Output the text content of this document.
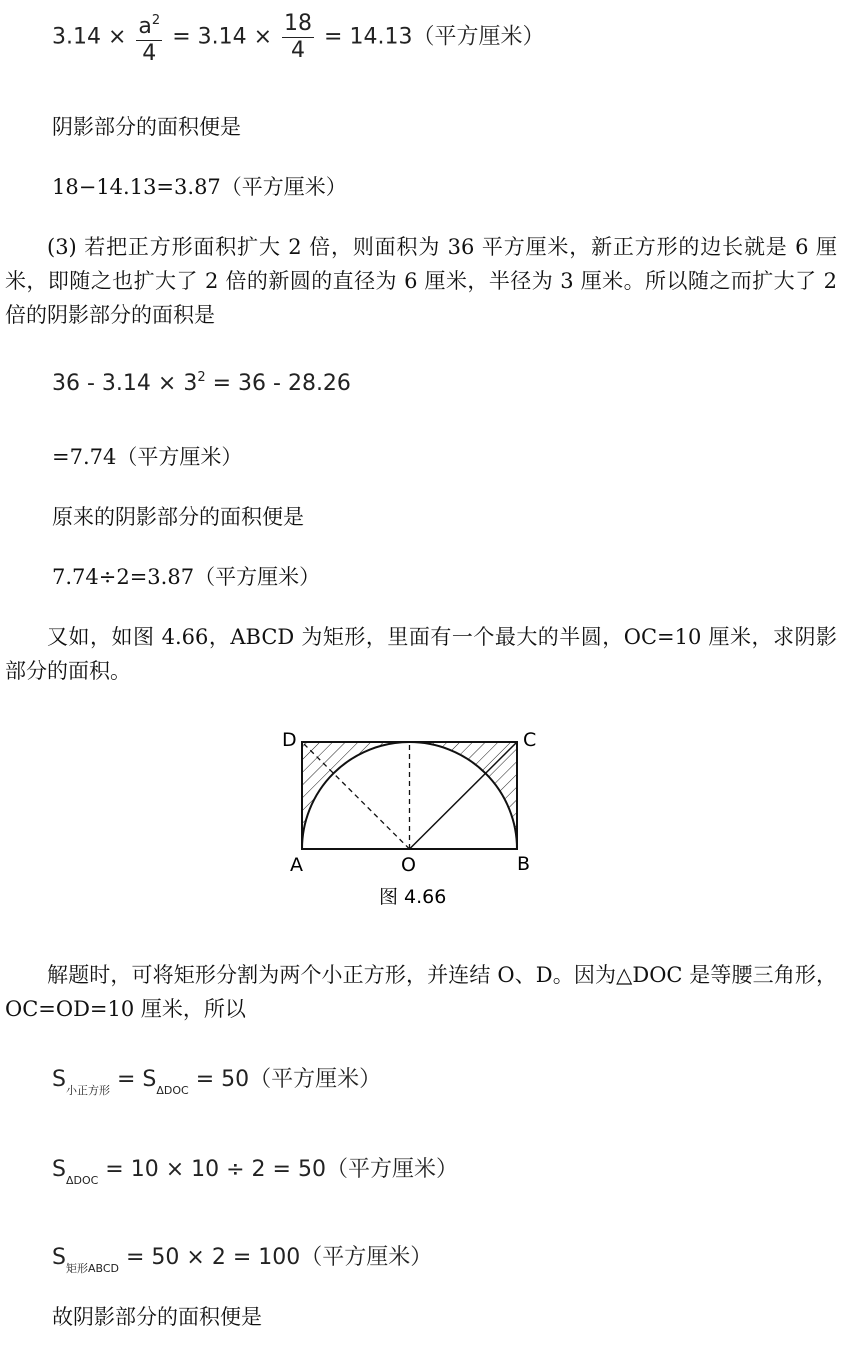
$3.14 \times \frac{a^2}{4} = 3.14 \times \frac{18}{4} = 14.13$（平方厘米）

阴影部分的面积便是

18−14.13=3.87（平方厘米）

(3) 若把正方形面积扩大 2 倍，则面积为 36 平方厘米，新正方形的边长就是 6 厘米，即随之也扩大了 2 倍的新圆的直径为 6 厘米，半径为 3 厘米。所以随之而扩大了 2 倍的阴影部分的面积是

$36 - 3.14 \times 3^2 = 36 - 28.26$

=7.74（平方厘米）

原来的阴影部分的面积便是

7.74÷2=3.87（平方厘米）

又如，如图 4.66，ABCD 为矩形，里面有一个最大的半圆，OC=10 厘米，求阴影部分的面积。

D	C
A	O	B
图 4.66

解题时，可将矩形分割为两个小正方形，并连结 O、D。因为△DOC 是等腰三角形，OC=OD=10 厘米，所以

$S_{小正方形} = S_{\Delta DOC} = 50$（平方厘米）
$S_{\Delta DOC} = 10 \times 10 \div 2 = 50$（平方厘米）
$S_{矩形ABCD} = 50 \times 2 = 100$（平方厘米）

故阴影部分的面积便是
